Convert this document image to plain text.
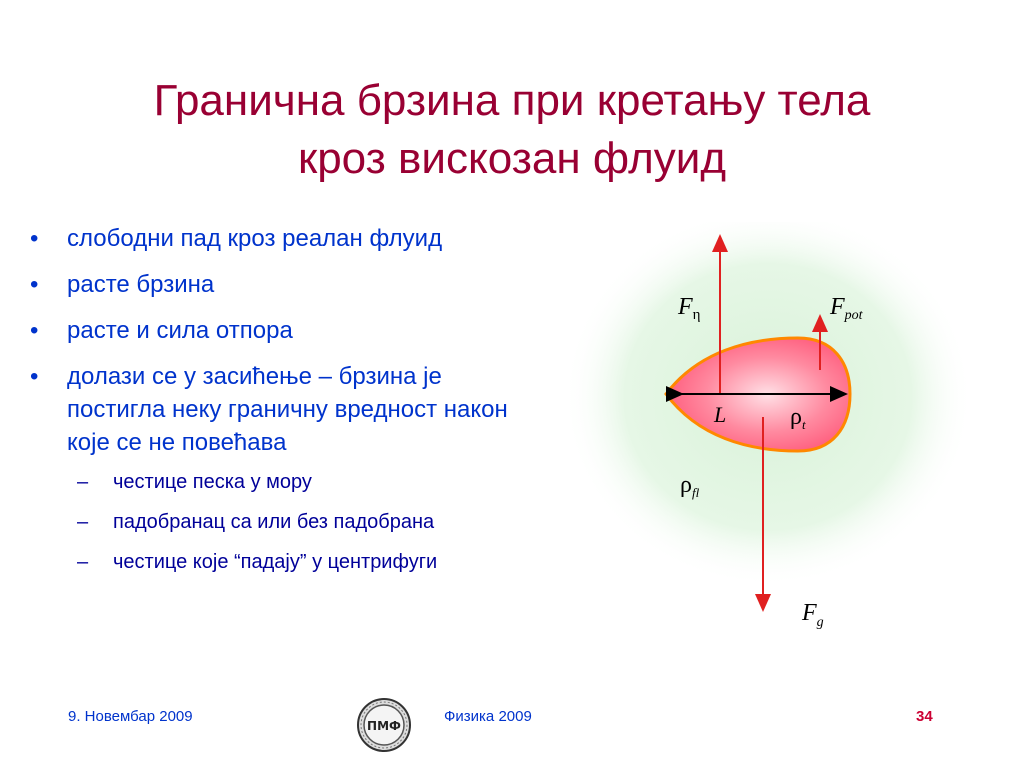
Гранична брзина при кретању тела
кроз вискозан флуид
• слободни пад кроз реалан флуид
• расте брзина
• расте и сила отпора
• долази се у засићење – брзина је постигла неку граничну вредност након које се не повећава
– честице песка у мору
– падобранац са или без падобрана
– честице које “падају” у центрифуги
$F_\eta$	$F_{pot}$
L	$\rho_t$
$\rho_{fl}$
$F_g$
9. Новембар 2009
ПМФ
Физика 2009	34
